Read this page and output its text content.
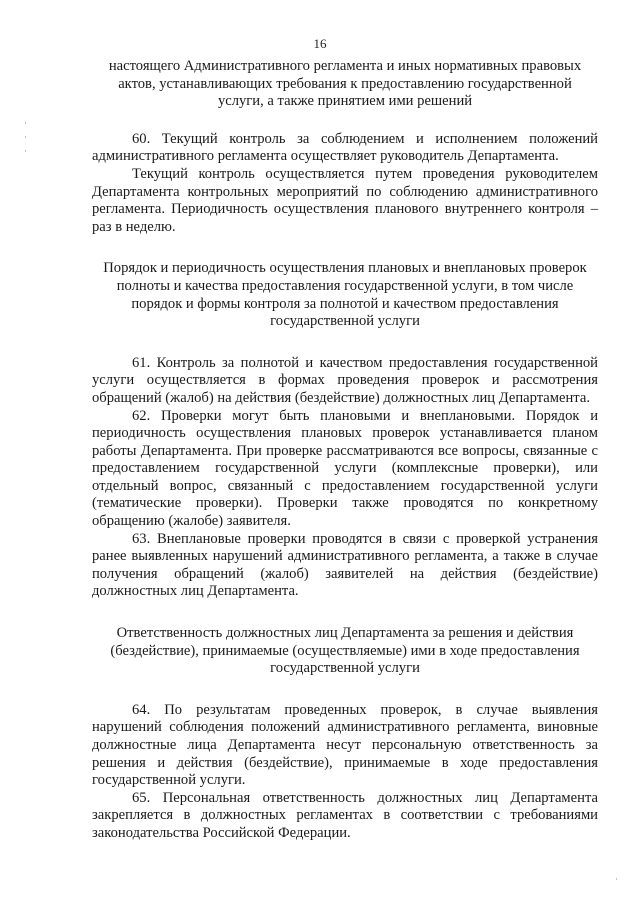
16
·
·
·
настоящего Административного регламента и иных нормативных правовых
актов, устанавливающих требования к предоставлению государственной
услуги, а также принятием ими решений

60. Текущий контроль за соблюдением и исполнением положений административного регламента осуществляет руководитель Департамента.

Текущий контроль осуществляется путем проведения руководителем Департамента контрольных мероприятий по соблюдению административного регламента. Периодичность осуществления планового внутреннего контроля – раз в неделю.

Порядок и периодичность осуществления плановых и внеплановых проверок
полноты и качества предоставления государственной услуги, в том числе
порядок и формы контроля за полнотой и качеством предоставления
государственной услуги

61. Контроль за полнотой и качеством предоставления государственной услуги осуществляется в формах проведения проверок и рассмотрения обращений (жалоб) на действия (бездействие) должностных лиц Департамента.

62. Проверки могут быть плановыми и внеплановыми. Порядок и периодичность осуществления плановых проверок устанавливается планом работы Департамента. При проверке рассматриваются все вопросы, связанные с предоставлением государственной услуги (комплексные проверки), или отдельный вопрос, связанный с предоставлением государственной услуги (тематические проверки). Проверки также проводятся по конкретному обращению (жалобе) заявителя.

63. Внеплановые проверки проводятся в связи с проверкой устранения ранее выявленных нарушений административного регламента, а также в случае получения обращений (жалоб) заявителей на действия (бездействие) должностных лиц Департамента.

Ответственность должностных лиц Департамента за решения и действия
(бездействие), принимаемые (осуществляемые) ими в ходе предоставления
государственной услуги

64. По результатам проведенных проверок, в случае выявления нарушений соблюдения положений административного регламента, виновные должностные лица Департамента несут персональную ответственность за решения и действия (бездействие), принимаемые в ходе предоставления государственной услуги.

65. Персональная ответственность должностных лиц Департамента закрепляется в должностных регламентах в соответствии с требованиями законодательства Российской Федерации.

·
